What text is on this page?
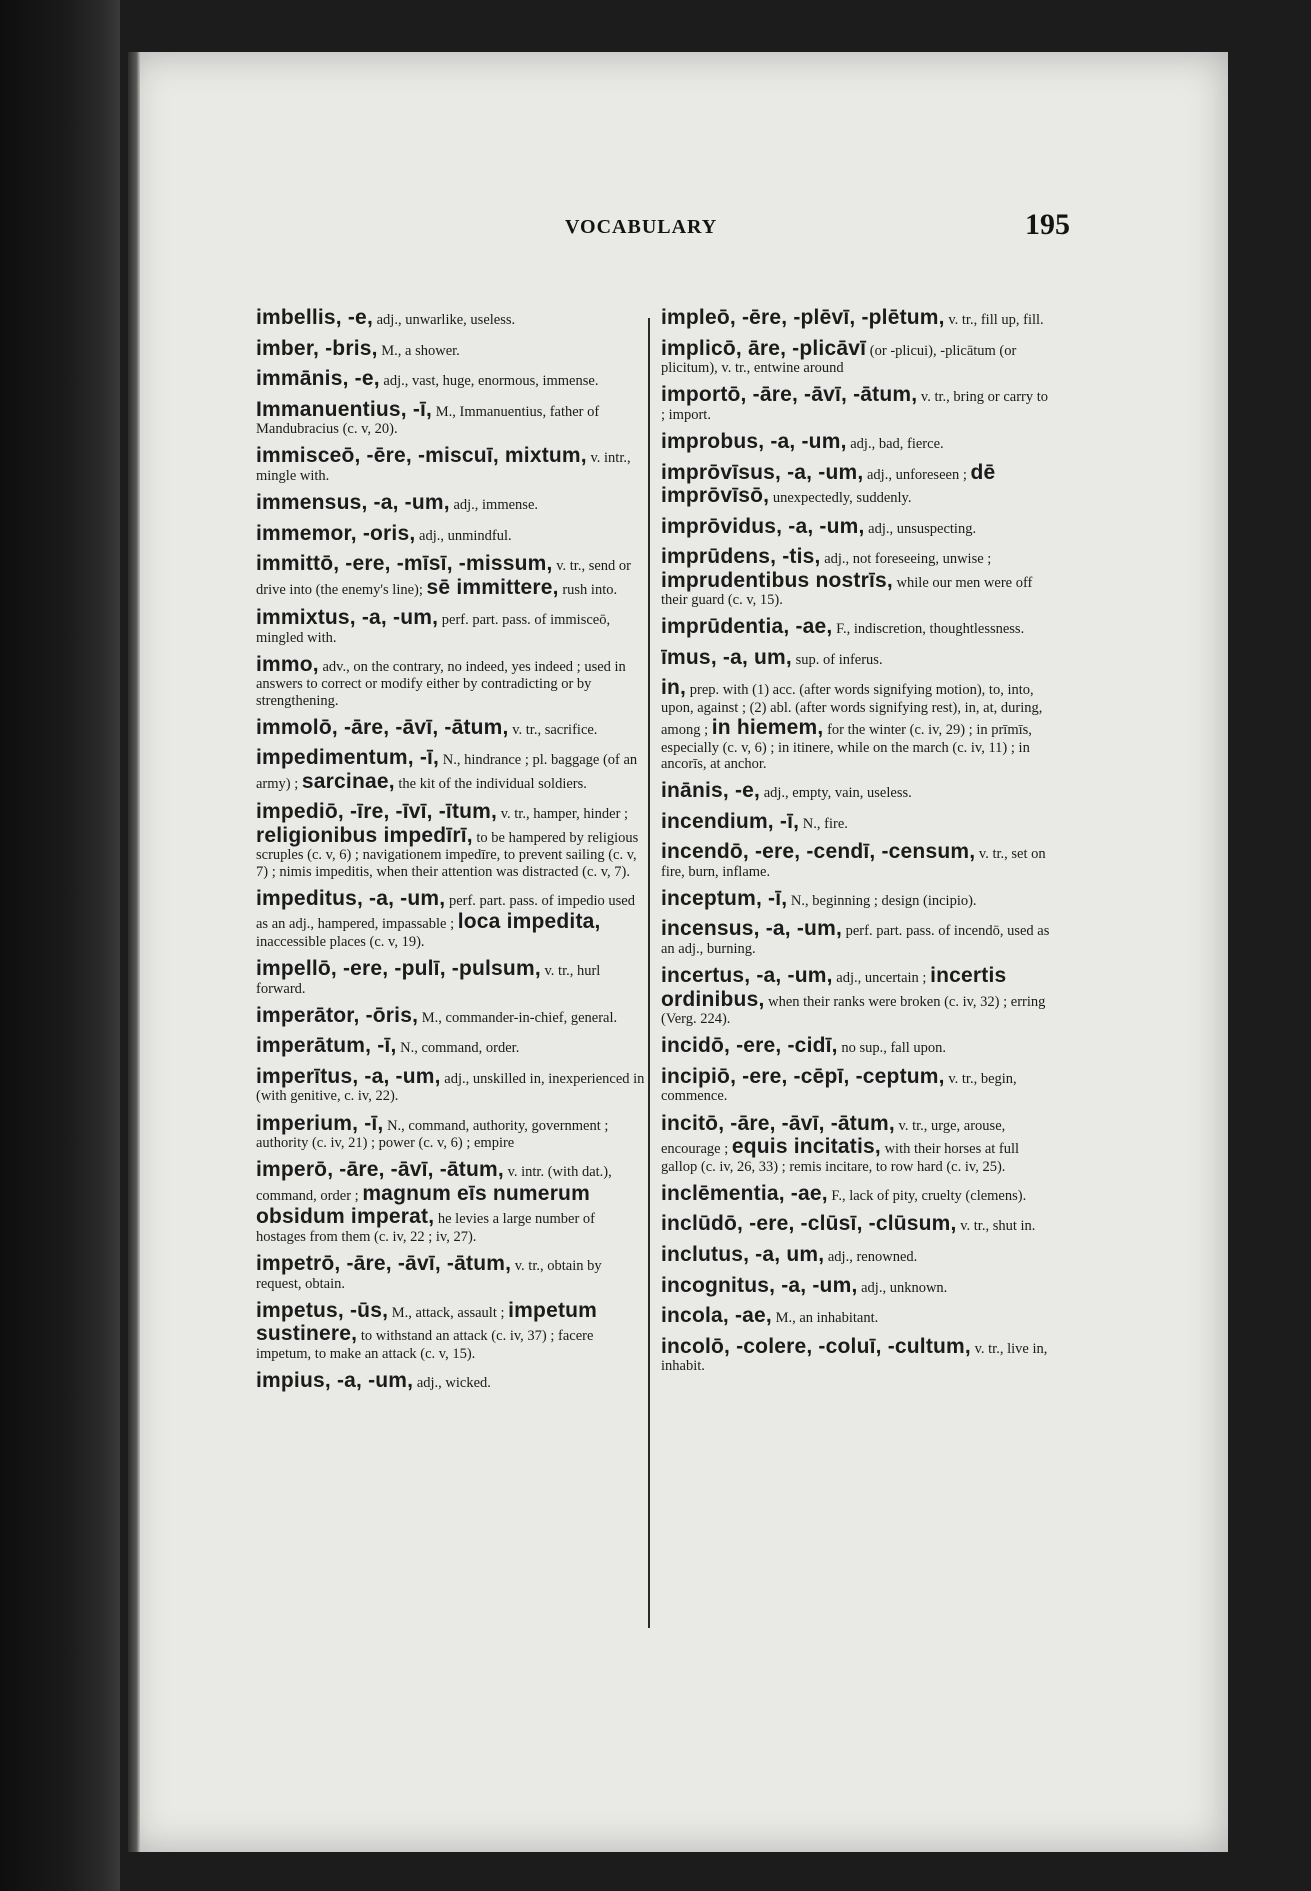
VOCABULARY	195

imbellis, -e, adj., unwarlike, useless.

imber, -bris, M., a shower.

immānis, -e, adj., vast, huge, enormous, immense.

Immanuentius, -ī, M., Immanuentius, father of Mandubracius (c. v, 20).

immisceō, -ēre, -miscuī, mixtum, v. intr., mingle with.

immensus, -a, -um, adj., immense.

immemor, -oris, adj., unmindful.

immittō, -ere, -mīsī, -missum, v. tr., send or drive into (the enemy's line); sē immittere, rush into.

immixtus, -a, -um, perf. part. pass. of immisceō, mingled with.

immo, adv., on the contrary, no indeed, yes indeed ; used in answers to correct or modify either by contradicting or by strengthening.

immolō, -āre, -āvī, -ātum, v. tr., sacrifice.

impedimentum, -ī, N., hindrance ; pl. baggage (of an army) ; sarcinae, the kit of the individual soldiers.

impediō, -īre, -īvī, -ītum, v. tr., hamper, hinder ; religionibus impedīrī, to be hampered by religious scruples (c. v, 6) ; navigationem impedīre, to prevent sailing (c. v, 7) ; nimis impeditis, when their attention was distracted (c. v, 7).

impeditus, -a, -um, perf. part. pass. of impedio used as an adj., hampered, impassable ; loca impedita, inaccessible places (c. v, 19).

impellō, -ere, -pulī, -pulsum, v. tr., hurl forward.

imperātor, -ōris, M., commander-in-chief, general.

imperātum, -ī, N., command, order.

imperītus, -a, -um, adj., unskilled in, inexperienced in (with genitive, c. iv, 22).

imperium, -ī, N., command, authority, government ; authority (c. iv, 21) ; power (c. v, 6) ; empire

imperō, -āre, -āvī, -ātum, v. intr. (with dat.), command, order ; magnum eīs numerum obsidum imperat, he levies a large number of hostages from them (c. iv, 22 ; iv, 27).

impetrō, -āre, -āvī, -ātum, v. tr., obtain by request, obtain.

impetus, -ūs, M., attack, assault ; impetum sustinere, to withstand an attack (c. iv, 37) ; facere impetum, to make an attack (c. v, 15).

impius, -a, -um, adj., wicked.

impleō, -ēre, -plēvī, -plētum, v. tr., fill up, fill.

implicō, āre, -plicāvī (or -plicui), -plicātum (or plicitum), v. tr., entwine around

importō, -āre, -āvī, -ātum, v. tr., bring or carry to ; import.

improbus, -a, -um, adj., bad, fierce.

imprōvīsus, -a, -um, adj., unforeseen ; dē imprōvīsō, unexpectedly, suddenly.

imprōvidus, -a, -um, adj., unsuspecting.

imprūdens, -tis, adj., not foreseeing, unwise ; imprudentibus nostrīs, while our men were off their guard (c. v, 15).

imprūdentia, -ae, F., indiscretion, thoughtlessness.

īmus, -a, um, sup. of inferus.

in, prep. with (1) acc. (after words signifying motion), to, into, upon, against ; (2) abl. (after words signifying rest), in, at, during, among ; in hiemem, for the winter (c. iv, 29) ; in prīmīs, especially (c. v, 6) ; in itinere, while on the march (c. iv, 11) ; in ancorīs, at anchor.

inānis, -e, adj., empty, vain, useless.

incendium, -ī, N., fire.

incendō, -ere, -cendī, -censum, v. tr., set on fire, burn, inflame.

inceptum, -ī, N., beginning ; design (incipio).

incensus, -a, -um, perf. part. pass. of incendō, used as an adj., burning.

incertus, -a, -um, adj., uncertain ; incertis ordinibus, when their ranks were broken (c. iv, 32) ; erring (Verg. 224).

incidō, -ere, -cidī, no sup., fall upon.

incipiō, -ere, -cēpī, -ceptum, v. tr., begin, commence.

incitō, -āre, -āvī, -ātum, v. tr., urge, arouse, encourage ; equis incitatis, with their horses at full gallop (c. iv, 26, 33) ; remis incitare, to row hard (c. iv, 25).

inclēmentia, -ae, F., lack of pity, cruelty (clemens).

inclūdō, -ere, -clūsī, -clūsum, v. tr., shut in.

inclutus, -a, um, adj., renowned.

incognitus, -a, -um, adj., unknown.

incola, -ae, M., an inhabitant.

incolō, -colere, -coluī, -cultum, v. tr., live in, inhabit.
